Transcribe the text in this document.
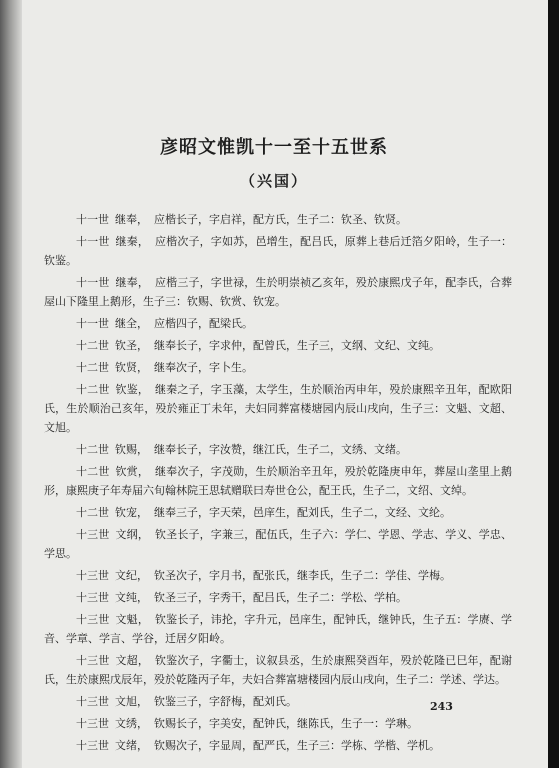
彦昭文惟凯十一至十五世系
（兴国）

十一世 继奉， 应楷长子，字启祥，配方氏，生子二：钦圣、钦贤。

十一世 继秦， 应楷次子，字如苏，邑增生，配吕氏，原葬上巷后迁箔夕阳岭，生子一：钦鉴。

十一世 继奉， 应楷三子，字世禄，生於明崇祯乙亥年，殁於康熙戊子年，配李氏，合葬屋山下隆里上鹅形，生子三：钦赐、钦赏、钦宠。

十一世 继全， 应楷四子，配梁氏。

十二世 钦圣， 继奉长子，字求仲，配曾氏，生子三，文纲、文纪、文纯。

十二世 钦贤， 继奉次子，字卜生。

十二世 钦鉴， 继秦之子，字玉藻，太学生，生於顺治丙申年，殁於康熙辛丑年，配欧阳氏，生於顺治己亥年，殁於雍正丁未年，夫妇同葬富楼塘园内辰山戌向，生子三：文魁、文超、文旭。

十二世 钦赐， 继奉长子，字汝赞，继江氏，生子二，文绣、文绪。

十二世 钦赏， 继奉次子，字茂勋，生於顺治辛丑年，殁於乾隆庚申年，葬屋山垄里上鹅形，康熙庚子年寿届六旬翰林院王思轼赠联曰寿世仓公，配王氏，生子二，文绍、文绰。

十二世 钦宠， 继奉三子，字天荣，邑庠生，配刘氏，生子二，文经、文纶。

十三世 文纲， 钦圣长子，字兼三，配伍氏，生子六：学仁、学恩、学志、学义、学忠、学思。

十三世 文纪， 钦圣次子，字月书，配张氏，继李氏，生子二：学佳、学梅。

十三世 文纯， 钦圣三子，字秀干，配吕氏，生子二：学松、学柏。

十三世 文魁， 钦鉴长子，讳抡，字升元，邑庠生，配钟氏，继钟氏，生子五：学赓、学音、学章、学言、学谷，迁居夕阳岭。

十三世 文超， 钦鉴次子，字衢士，议叙县丞，生於康熙癸酉年，殁於乾隆已巳年，配谢氏，生於康熙戊辰年，殁於乾隆丙子年，夫妇合葬富塘楼园内辰山戌向，生子二：学述、学达。

十三世 文旭， 钦鉴三子，字舒梅，配刘氏。

十三世 文绣， 钦赐长子，字美安，配钟氏，继陈氏，生子一：学琳。

十三世 文绪， 钦赐次子，字显周，配严氏，生子三：学栋、学楷、学机。

243
